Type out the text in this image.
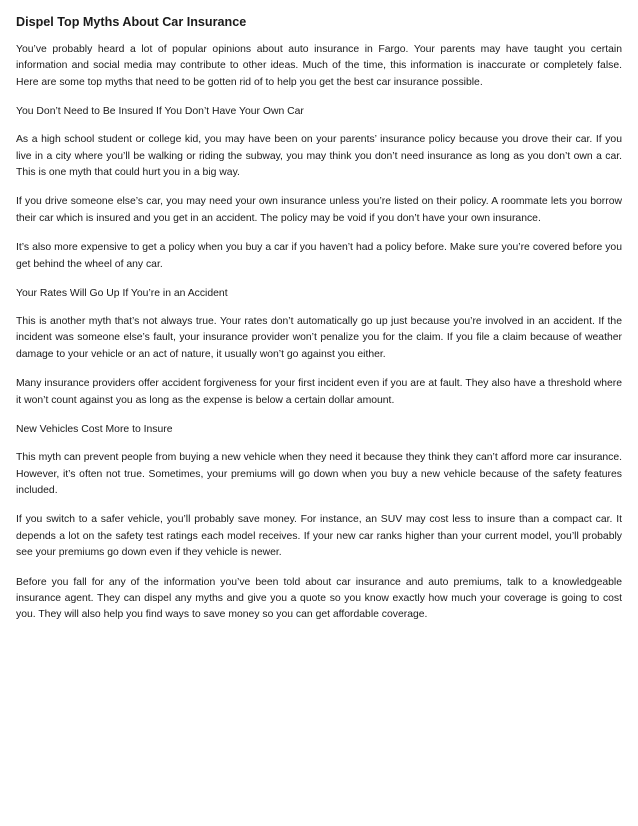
Dispel Top Myths About Car Insurance

You’ve probably heard a lot of popular opinions about auto insurance in Fargo. Your parents may have taught you certain information and social media may contribute to other ideas. Much of the time, this information is inaccurate or completely false. Here are some top myths that need to be gotten rid of to help you get the best car insurance possible.

You Don’t Need to Be Insured If You Don’t Have Your Own Car

As a high school student or college kid, you may have been on your parents’ insurance policy because you drove their car. If you live in a city where you’ll be walking or riding the subway, you may think you don’t need insurance as long as you don’t own a car. This is one myth that could hurt you in a big way.

If you drive someone else’s car, you may need your own insurance unless you’re listed on their policy. A roommate lets you borrow their car which is insured and you get in an accident. The policy may be void if you don’t have your own insurance.

It’s also more expensive to get a policy when you buy a car if you haven’t had a policy before. Make sure you’re covered before you get behind the wheel of any car.

Your Rates Will Go Up If You’re in an Accident

This is another myth that’s not always true. Your rates don’t automatically go up just because you’re involved in an accident. If the incident was someone else’s fault, your insurance provider won’t penalize you for the claim. If you file a claim because of weather damage to your vehicle or an act of nature, it usually won’t go against you either.

Many insurance providers offer accident forgiveness for your first incident even if you are at fault. They also have a threshold where it won’t count against you as long as the expense is below a certain dollar amount.

New Vehicles Cost More to Insure

This myth can prevent people from buying a new vehicle when they need it because they think they can’t afford more car insurance. However, it’s often not true. Sometimes, your premiums will go down when you buy a new vehicle because of the safety features included.

If you switch to a safer vehicle, you’ll probably save money. For instance, an SUV may cost less to insure than a compact car. It depends a lot on the safety test ratings each model receives. If your new car ranks higher than your current model, you’ll probably see your premiums go down even if they vehicle is newer.

Before you fall for any of the information you’ve been told about car insurance and auto premiums, talk to a knowledgeable insurance agent. They can dispel any myths and give you a quote so you know exactly how much your coverage is going to cost you. They will also help you find ways to save money so you can get affordable coverage.
